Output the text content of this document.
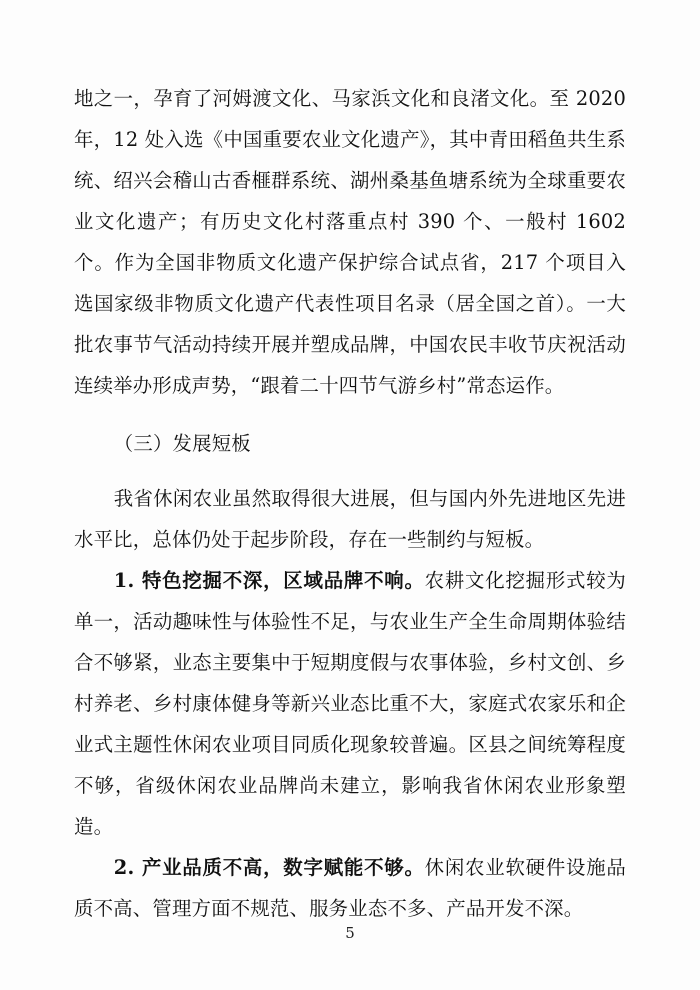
地之一，孕育了河姆渡文化、马家浜文化和良渚文化。至 2020 年，12 处入选《中国重要农业文化遗产》，其中青田稻鱼共生系统、绍兴会稽山古香榧群系统、湖州桑基鱼塘系统为全球重要农业文化遗产；有历史文化村落重点村 390 个、一般村 1602 个。作为全国非物质文化遗产保护综合试点省，217 个项目入选国家级非物质文化遗产代表性项目名录（居全国之首）。一大批农事节气活动持续开展并塑成品牌，中国农民丰收节庆祝活动连续举办形成声势，“跟着二十四节气游乡村”常态运作。

（三）发展短板

我省休闲农业虽然取得很大进展，但与国内外先进地区先进水平比，总体仍处于起步阶段，存在一些制约与短板。

1. 特色挖掘不深，区域品牌不响。农耕文化挖掘形式较为单一，活动趣味性与体验性不足，与农业生产全生命周期体验结合不够紧，业态主要集中于短期度假与农事体验，乡村文创、乡村养老、乡村康体健身等新兴业态比重不大，家庭式农家乐和企业式主题性休闲农业项目同质化现象较普遍。区县之间统筹程度不够，省级休闲农业品牌尚未建立，影响我省休闲农业形象塑造。

2. 产业品质不高，数字赋能不够。休闲农业软硬件设施品质不高、管理方面不规范、服务业态不多、产品开发不深。

5
